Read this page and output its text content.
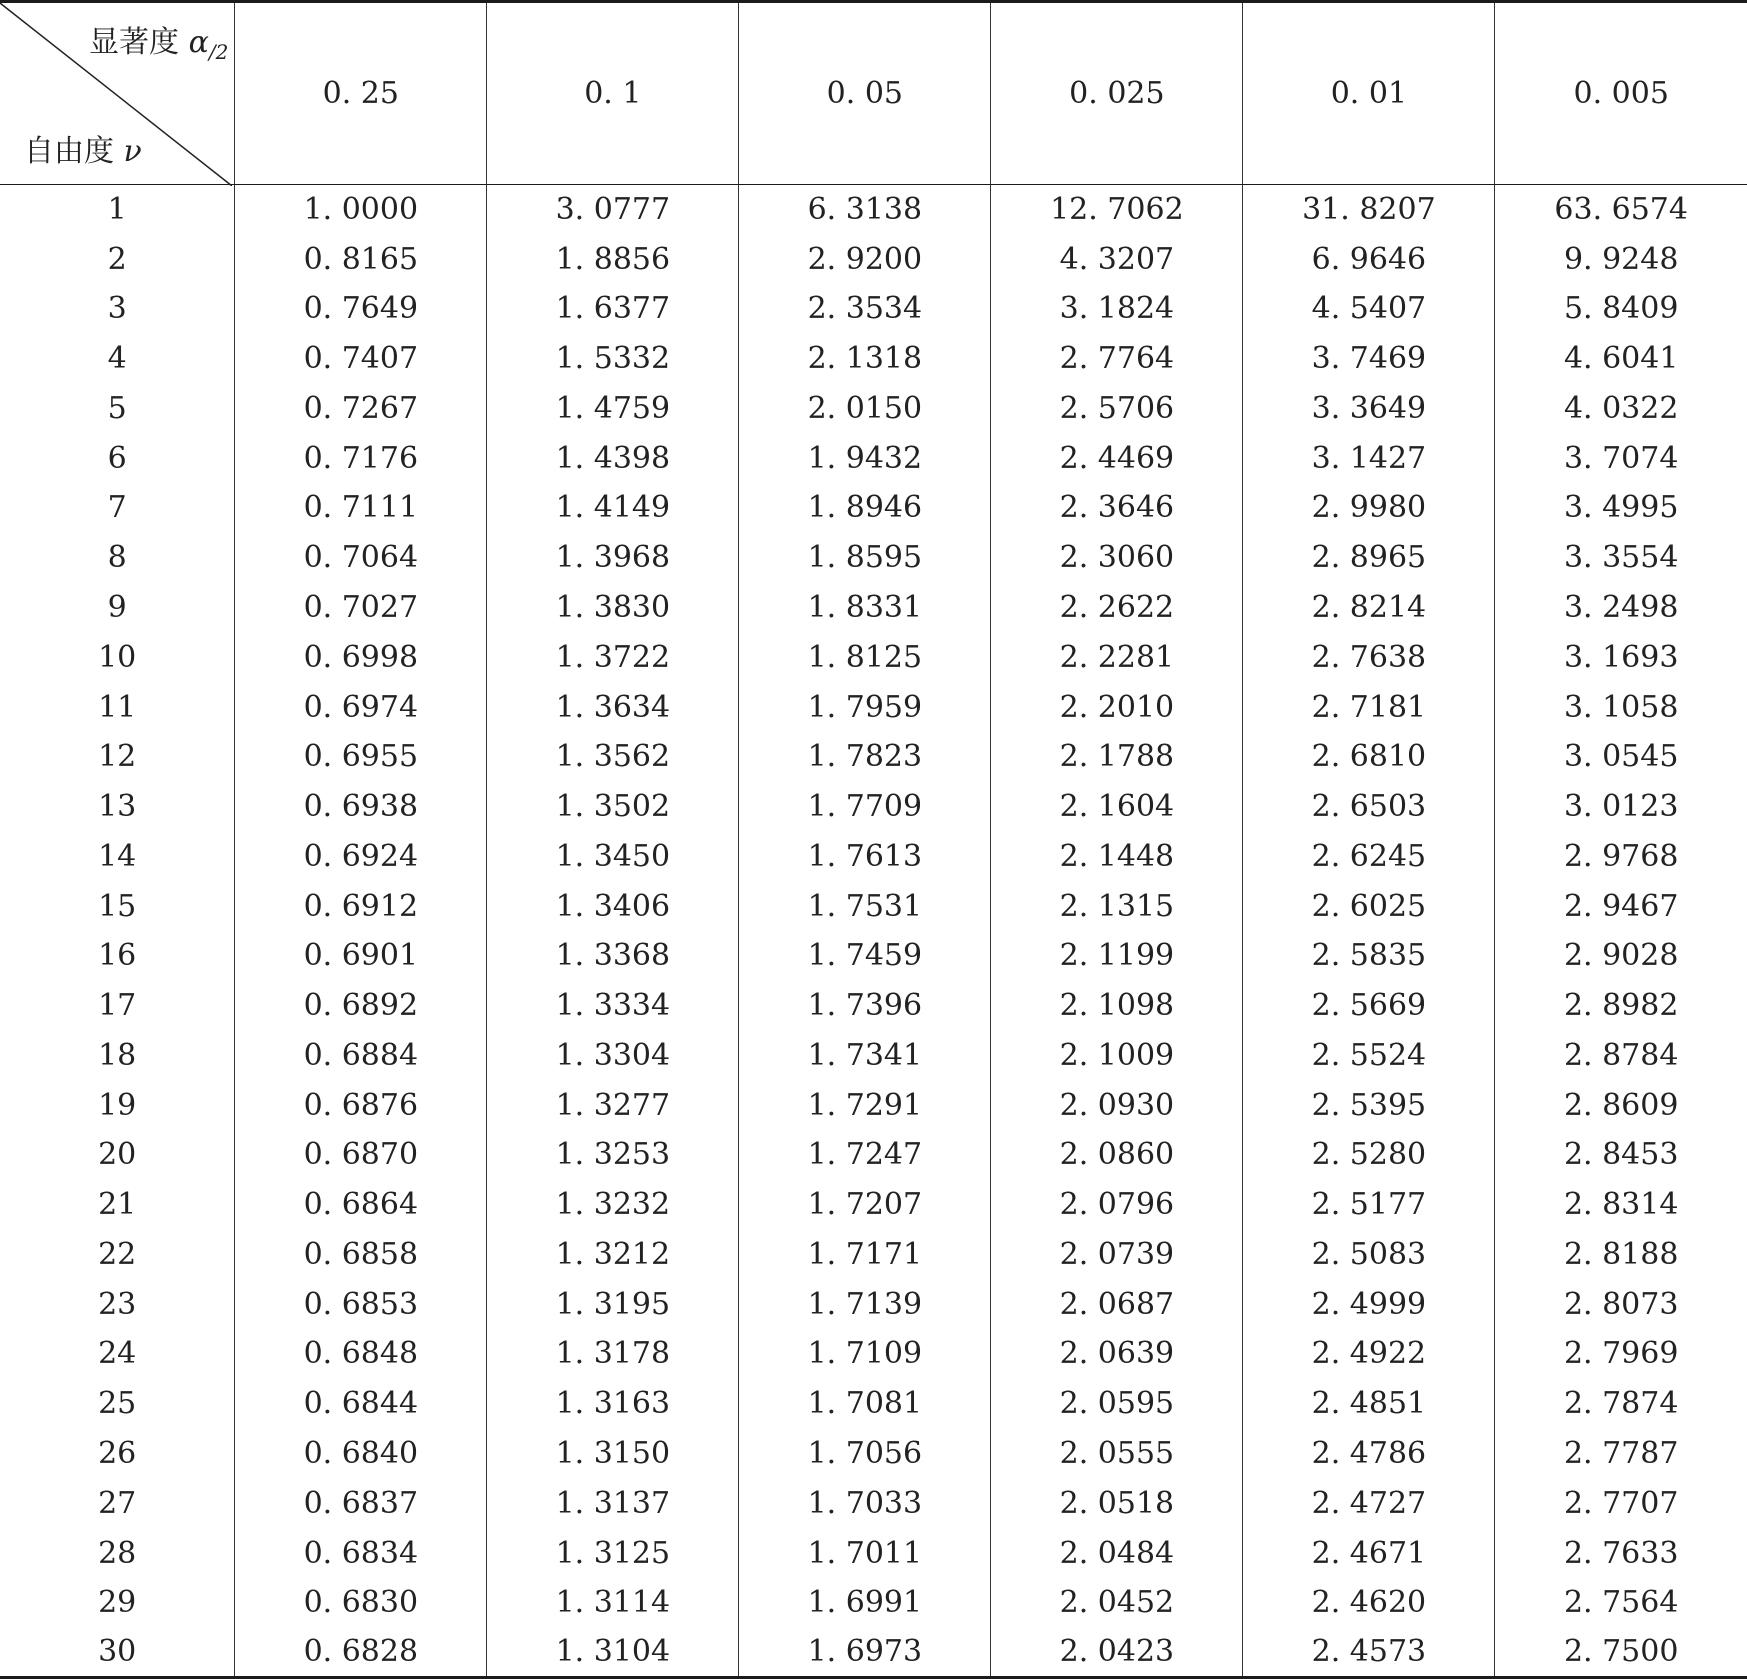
显著度 $\alpha_{/2}$
自由度 ν	0. 25	0. 1	0. 05	0. 025	0. 01	0. 005
1	1. 0000	3. 0777	6. 3138	12. 7062	31. 8207	63. 6574
2	0. 8165	1. 8856	2. 9200	4. 3207	6. 9646	9. 9248
3	0. 7649	1. 6377	2. 3534	3. 1824	4. 5407	5. 8409
4	0. 7407	1. 5332	2. 1318	2. 7764	3. 7469	4. 6041
5	0. 7267	1. 4759	2. 0150	2. 5706	3. 3649	4. 0322
6	0. 7176	1. 4398	1. 9432	2. 4469	3. 1427	3. 7074
7	0. 7111	1. 4149	1. 8946	2. 3646	2. 9980	3. 4995
8	0. 7064	1. 3968	1. 8595	2. 3060	2. 8965	3. 3554
9	0. 7027	1. 3830	1. 8331	2. 2622	2. 8214	3. 2498
10	0. 6998	1. 3722	1. 8125	2. 2281	2. 7638	3. 1693
11	0. 6974	1. 3634	1. 7959	2. 2010	2. 7181	3. 1058
12	0. 6955	1. 3562	1. 7823	2. 1788	2. 6810	3. 0545
13	0. 6938	1. 3502	1. 7709	2. 1604	2. 6503	3. 0123
14	0. 6924	1. 3450	1. 7613	2. 1448	2. 6245	2. 9768
15	0. 6912	1. 3406	1. 7531	2. 1315	2. 6025	2. 9467
16	0. 6901	1. 3368	1. 7459	2. 1199	2. 5835	2. 9028
17	0. 6892	1. 3334	1. 7396	2. 1098	2. 5669	2. 8982
18	0. 6884	1. 3304	1. 7341	2. 1009	2. 5524	2. 8784
19	0. 6876	1. 3277	1. 7291	2. 0930	2. 5395	2. 8609
20	0. 6870	1. 3253	1. 7247	2. 0860	2. 5280	2. 8453
21	0. 6864	1. 3232	1. 7207	2. 0796	2. 5177	2. 8314
22	0. 6858	1. 3212	1. 7171	2. 0739	2. 5083	2. 8188
23	0. 6853	1. 3195	1. 7139	2. 0687	2. 4999	2. 8073
24	0. 6848	1. 3178	1. 7109	2. 0639	2. 4922	2. 7969
25	0. 6844	1. 3163	1. 7081	2. 0595	2. 4851	2. 7874
26	0. 6840	1. 3150	1. 7056	2. 0555	2. 4786	2. 7787
27	0. 6837	1. 3137	1. 7033	2. 0518	2. 4727	2. 7707
28	0. 6834	1. 3125	1. 7011	2. 0484	2. 4671	2. 7633
29	0. 6830	1. 3114	1. 6991	2. 0452	2. 4620	2. 7564
30	0. 6828	1. 3104	1. 6973	2. 0423	2. 4573	2. 7500
